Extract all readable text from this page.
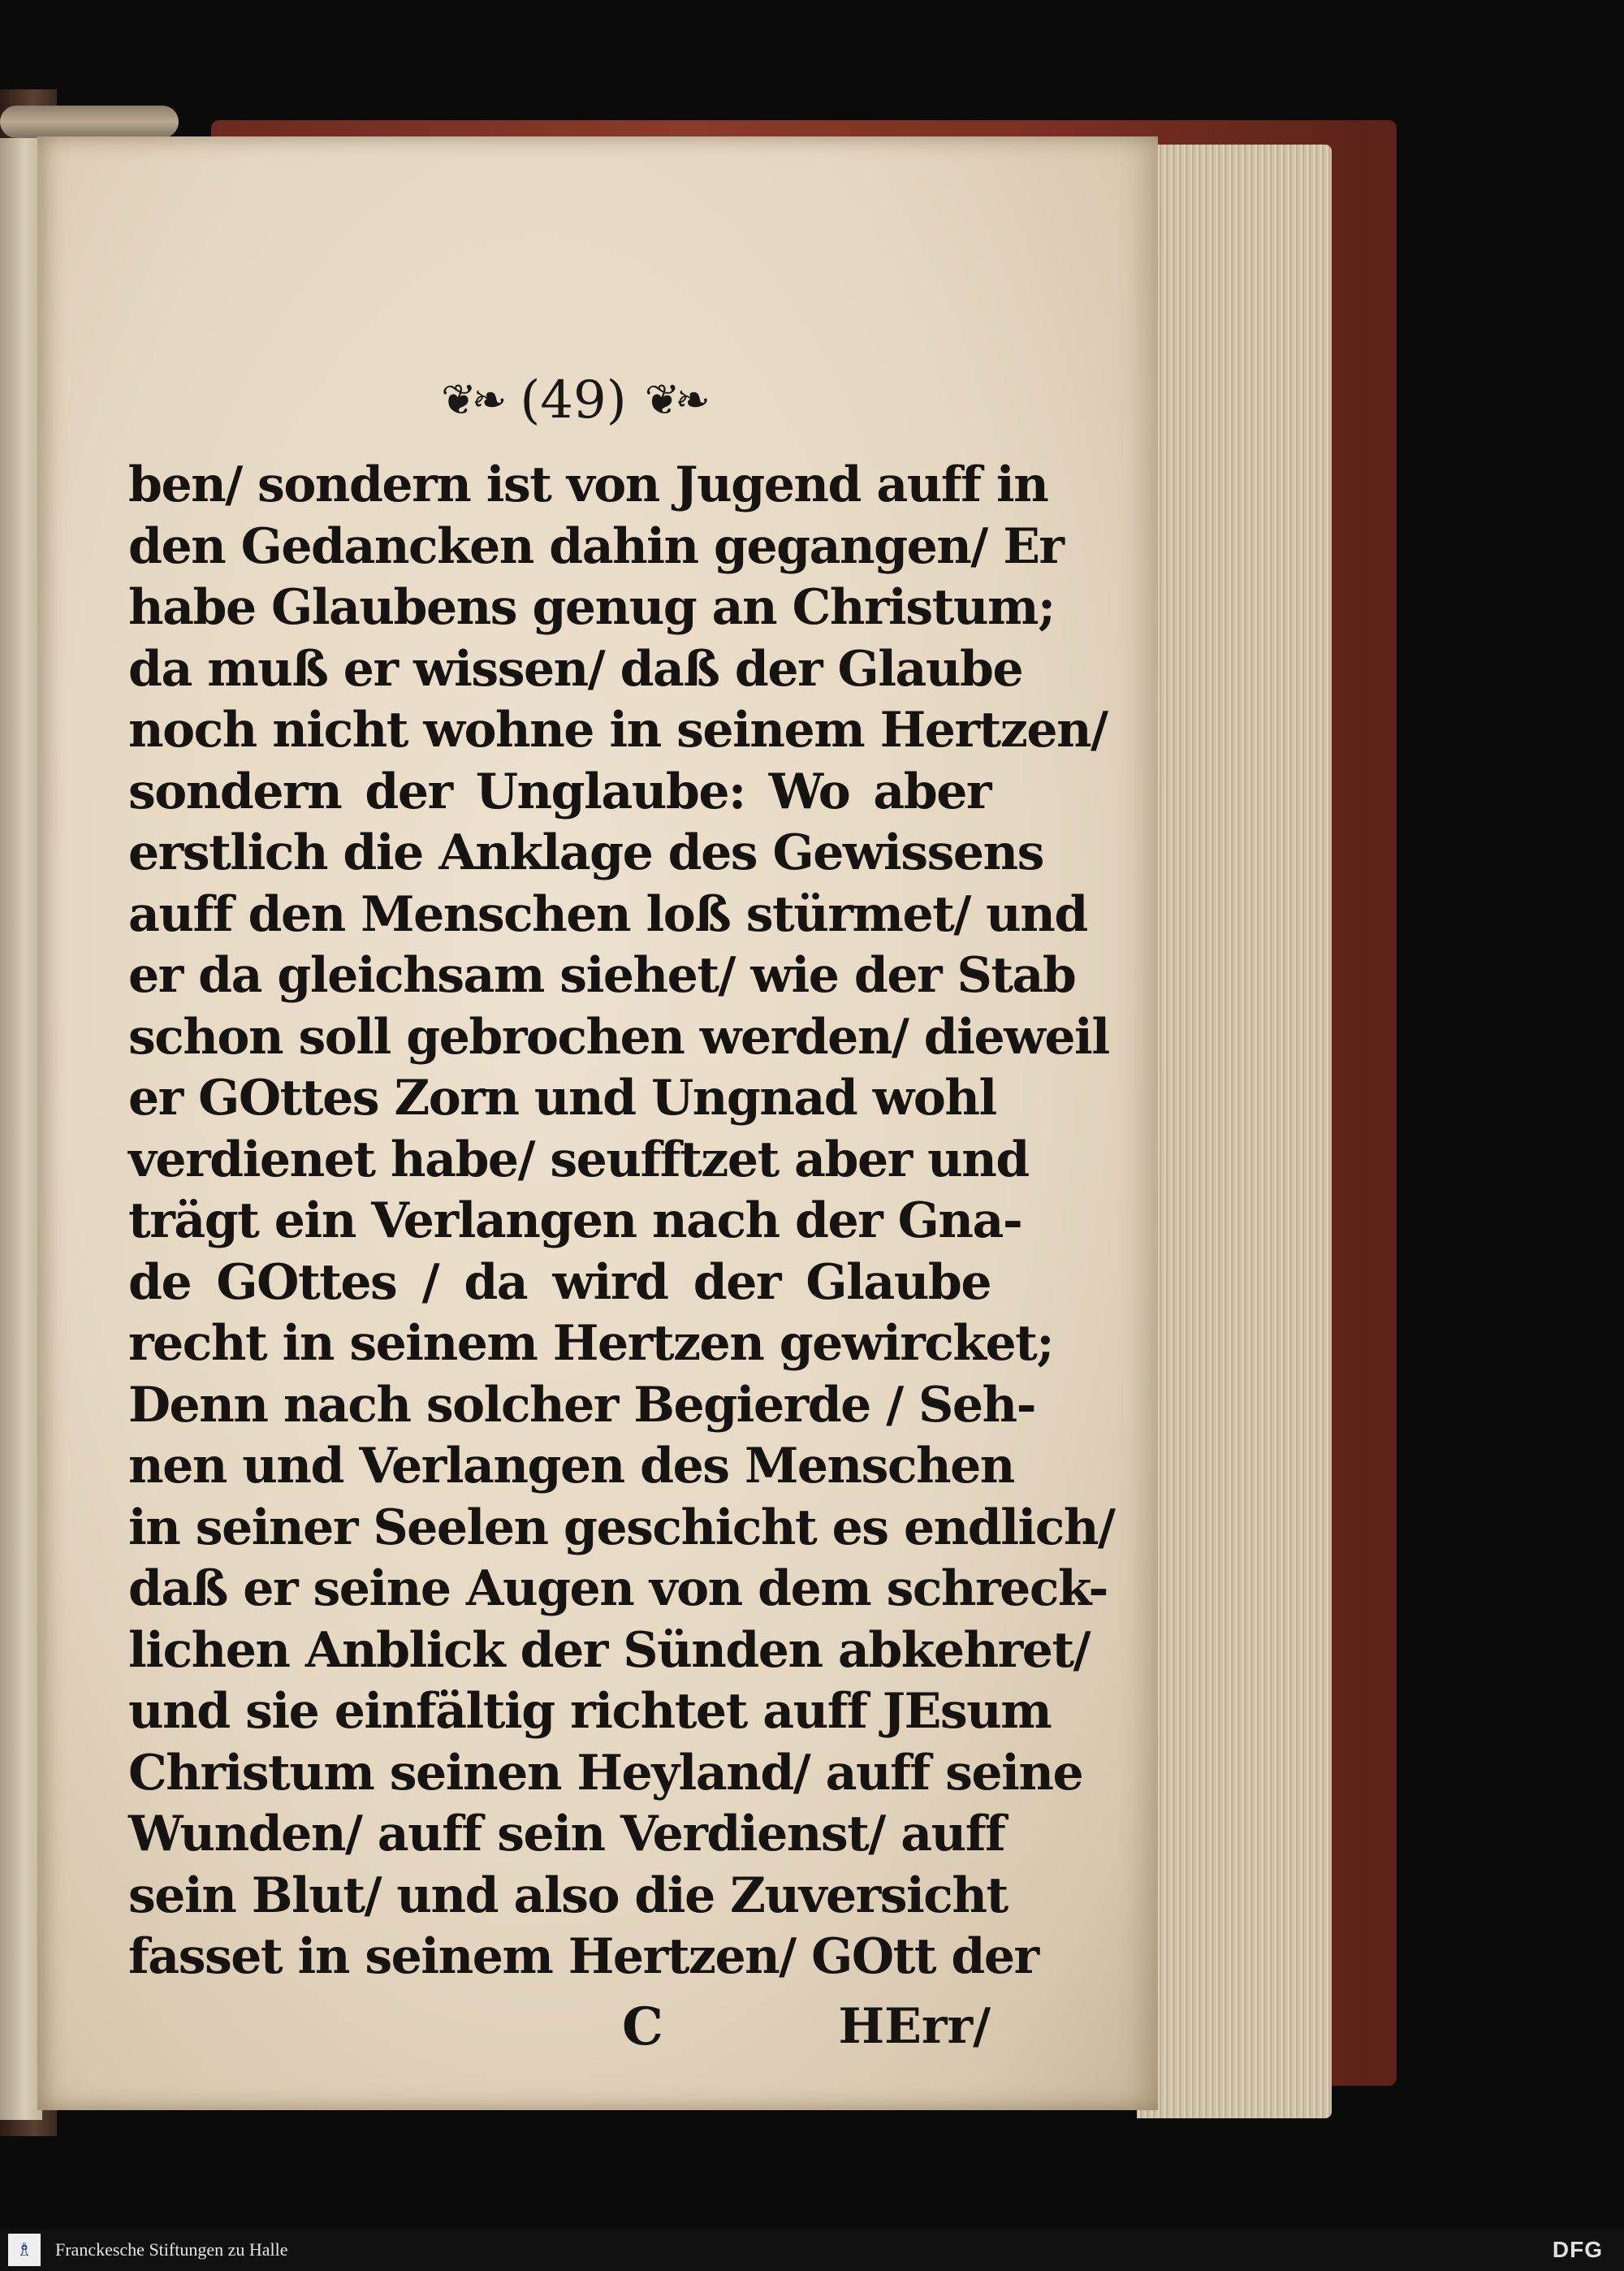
❦❧ (49) ❦❧
ben/ sondern ist von Jugend auff in
den Gedancken dahin gegangen/ Er
habe Glaubens genug an Christum;
da muß er wissen/ daß der Glaube
noch nicht wohne in seinem Hertzen/
sondern der Unglaube: Wo aber
erstlich die Anklage des Gewissens
auff den Menschen loß stürmet/ und
er da gleichsam siehet/ wie der Stab
schon soll gebrochen werden/ dieweil
er GOttes Zorn und Ungnad wohl
verdienet habe/ seufftzet aber und
trägt ein Verlangen nach der Gna-
de GOttes / da wird der Glaube
recht in seinem Hertzen gewircket;
Denn nach solcher Begierde / Seh-
nen und Verlangen des Menschen
in seiner Seelen geschicht es endlich/
daß er seine Augen von dem schreck-
lichen Anblick der Sünden abkehret/
und sie einfältig richtet auff JEsum
Christum seinen Heyland/ auff seine
Wunden/ auff sein Verdienst/ auff
sein Blut/ und also die Zuversicht
fasset in seinem Hertzen/ GOtt der
C	HErr/
♗ Franckesche Stiftungen zu Halle	DFG
